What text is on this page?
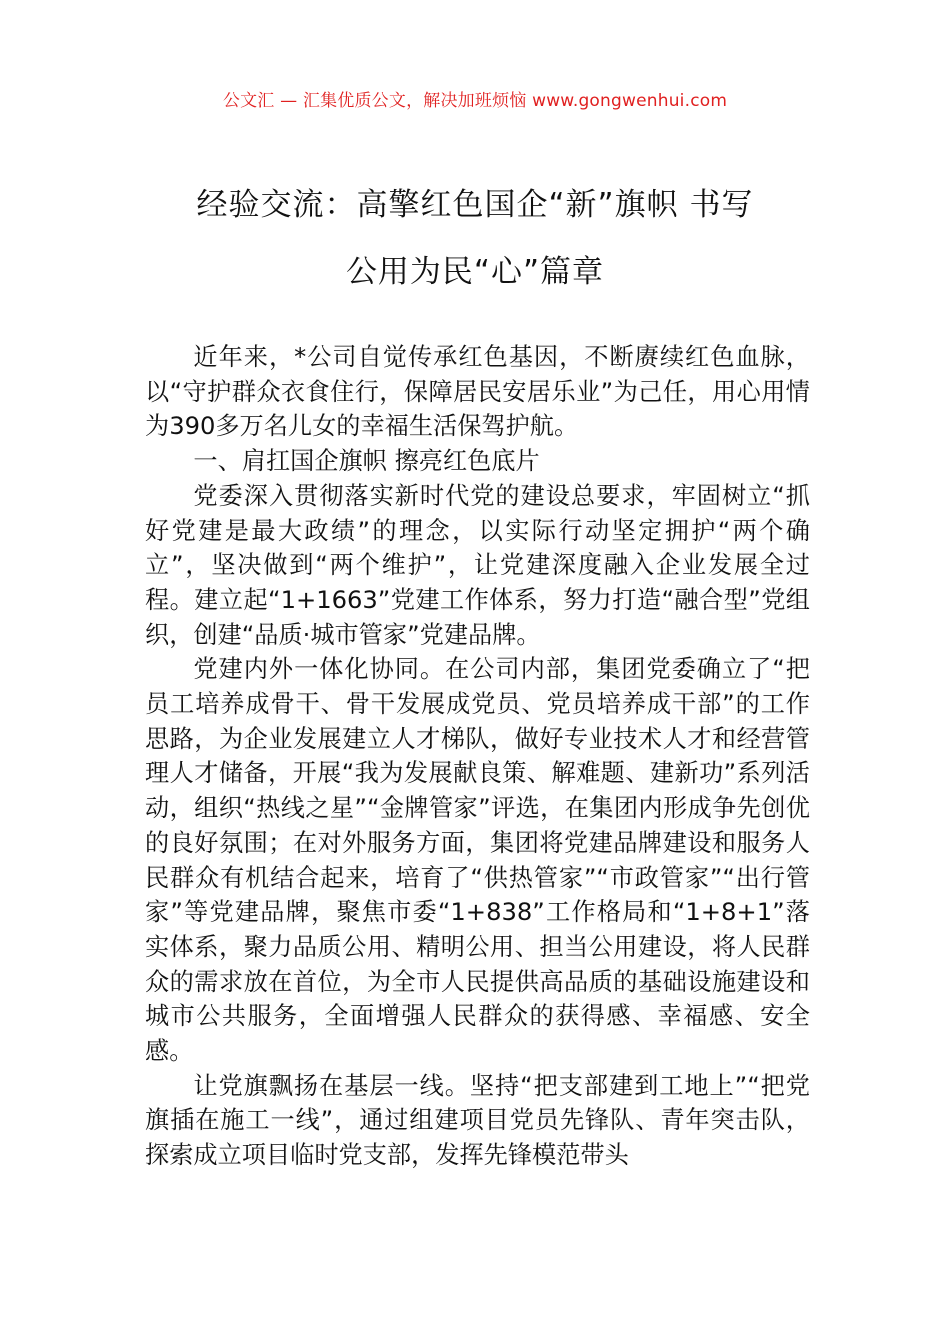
公文汇 — 汇集优质公文，解决加班烦恼 www.gongwenhui.com
经验交流：高擎红色国企“新”旗帜 书写
公用为民“心”篇章

近年来，*公司自觉传承红色基因，不断赓续红色血脉，以“守护群众衣食住行，保障居民安居乐业”为己任，用心用情为390多万名儿女的幸福生活保驾护航。

一、肩扛国企旗帜 擦亮红色底片

党委深入贯彻落实新时代党的建设总要求，牢固树立“抓好党建是最大政绩”的理念，以实际行动坚定拥护“两个确立”，坚决做到“两个维护”，让党建深度融入企业发展全过程。建立起“1+1663”党建工作体系，努力打造“融合型”党组织，创建“品质·城市管家”党建品牌。

党建内外一体化协同。在公司内部，集团党委确立了“把员工培养成骨干、骨干发展成党员、党员培养成干部”的工作思路，为企业发展建立人才梯队，做好专业技术人才和经营管理人才储备，开展“我为发展献良策、解难题、建新功”系列活动，组织“热线之星”“金牌管家”评选，在集团内形成争先创优的良好氛围；在对外服务方面，集团将党建品牌建设和服务人民群众有机结合起来，培育了“供热管家”“市政管家”“出行管家”等党建品牌，聚焦市委“1+838”工作格局和“1+8+1”落实体系，聚力品质公用、精明公用、担当公用建设，将人民群众的需求放在首位，为全市人民提供高品质的基础设施建设和城市公共服务，全面增强人民群众的获得感、幸福感、安全感。

让党旗飘扬在基层一线。坚持“把支部建到工地上”“把党旗插在施工一线”，通过组建项目党员先锋队、青年突击队，探索成立项目临时党支部，发挥先锋模范带头
